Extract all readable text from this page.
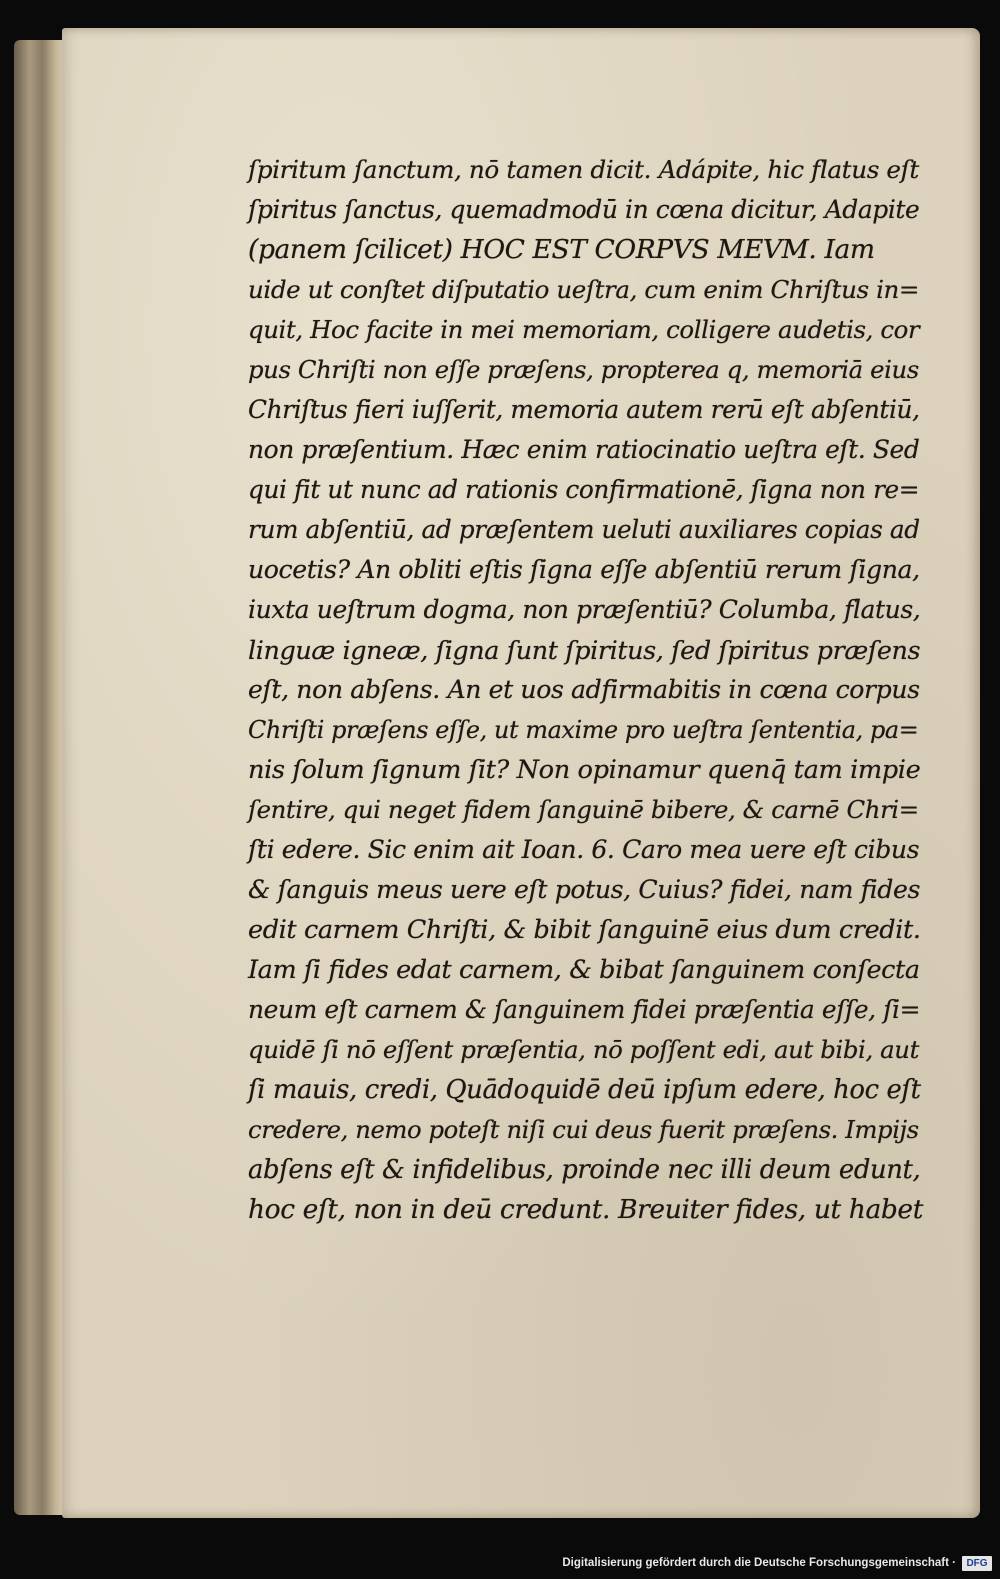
ſpiritum ſanctum, nō tamen dicit. Adápite, hic flatus eſt
ſpiritus ſanctus, quemadmodū in cœna dicitur, Adapite
(panem ſcilicet) HOC EST CORPVS MEVM. Iam
uide ut conſtet diſputatio ueſtra, cum enim Chriſtus in=
quit, Hoc facite in mei memoriam, colligere audetis, cor
pus Chriſti non eſſe præſens, propterea q, memoriā eius
Chriſtus fieri iuſſerit, memoria autem rerū eſt abſentiū,
non præſentium. Hæc enim ratiocinatio ueſtra eſt. Sed
qui fit ut nunc ad rationis confirmationē, ſigna non re=
rum abſentiū, ad præſentem ueluti auxiliares copias ad
uocetis? An obliti eſtis ſigna eſſe abſentiū rerum ſigna,
iuxta ueſtrum dogma, non præſentiū? Columba, flatus,
linguæ igneæ, ſigna ſunt ſpiritus, ſed ſpiritus præſens
eſt, non abſens. An et uos adfirmabitis in cœna corpus
Chriſti præſens eſſe, ut maxime pro ueſtra ſententia, pa=
nis ſolum ſignum ſit? Non opinamur quenq̄ tam impie
ſentire, qui neget fidem ſanguinē bibere, & carnē Chri=
ſti edere. Sic enim ait Ioan. 6. Caro mea uere eſt cibus
& ſanguis meus uere eſt potus, Cuius? fidei, nam fides
edit carnem Chriſti, & bibit ſanguinē eius dum credit.
Iam ſi fides edat carnem, & bibat ſanguinem conſecta
neum eſt carnem & ſanguinem fidei præſentia eſſe, ſi=
quidē ſi nō eſſent præſentia, nō poſſent edi, aut bibi, aut
ſi mauis, credi, Quādoquidē deū ipſum edere, hoc eſt
credere, nemo poteſt niſi cui deus fuerit præſens. Impijs
abſens eſt & infidelibus, proinde nec illi deum edunt,
hoc eſt, non in deū credunt. Breuiter fides, ut habet
Digitalisierung gefördert durch die Deutsche Forschungsgemeinschaft ·	DFG
